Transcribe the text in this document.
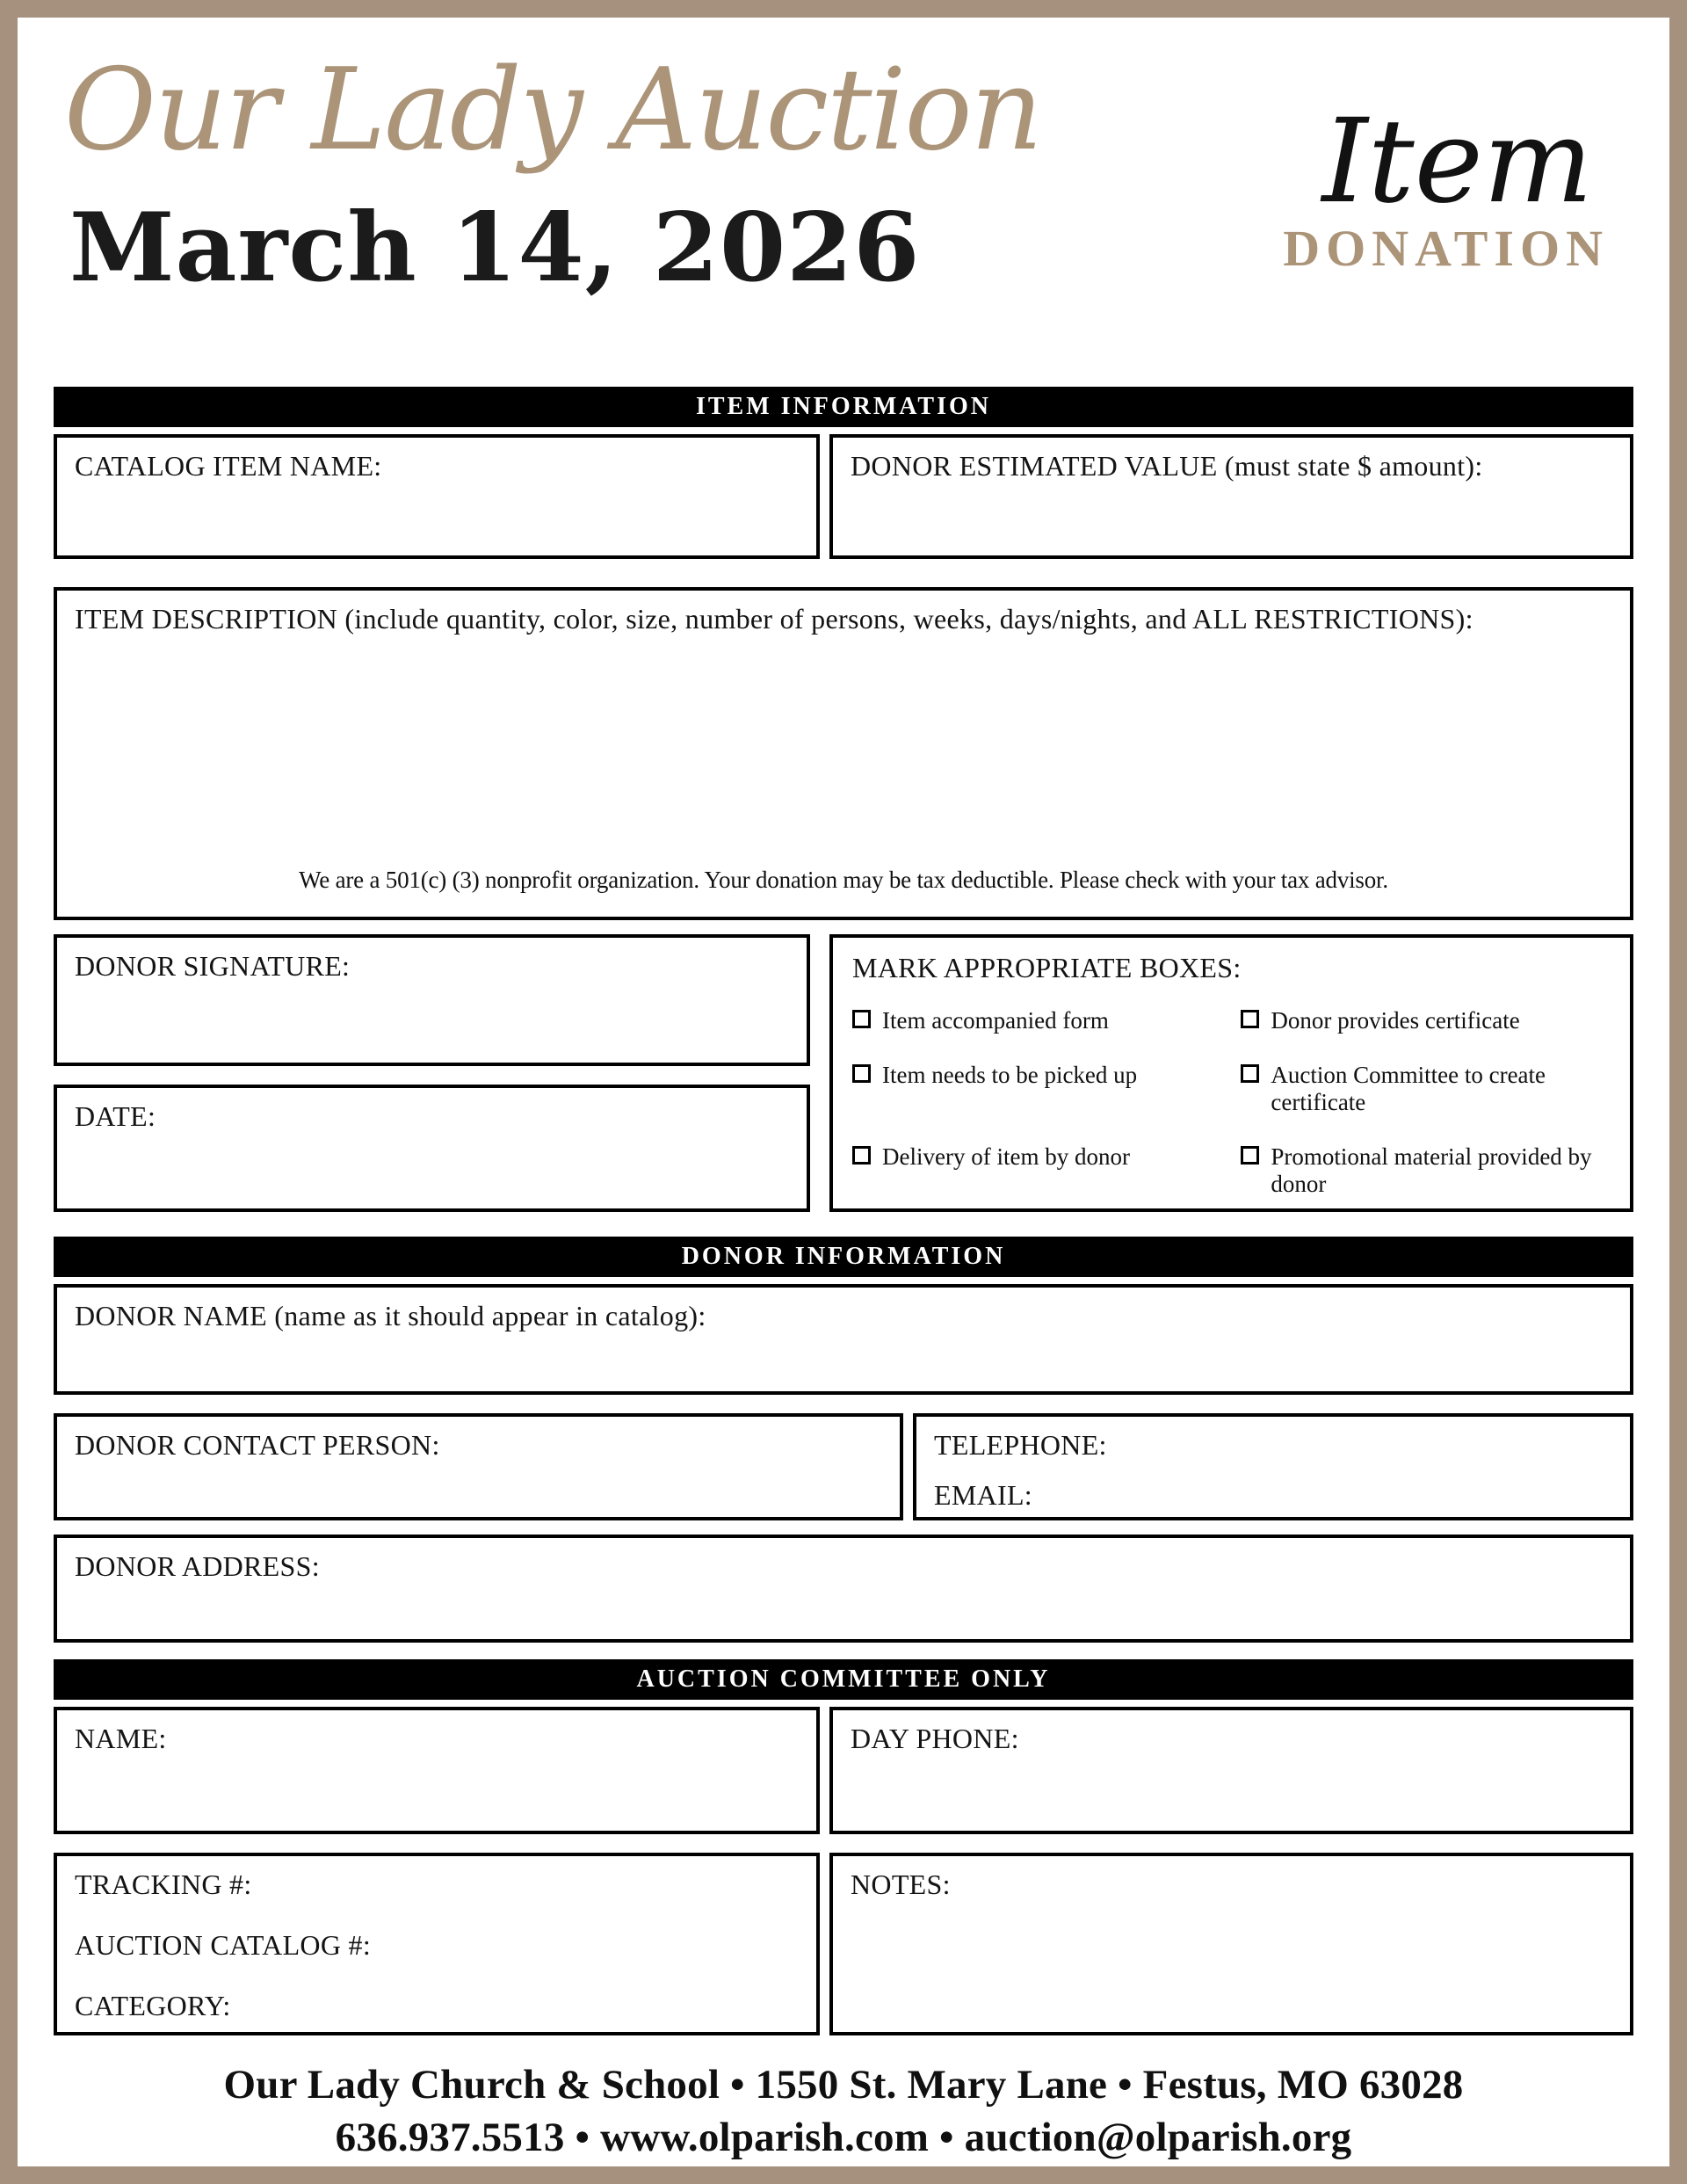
Our Lady Auction
March 14, 2026
Item
DONATION
ITEM INFORMATION
CATALOG ITEM NAME:	DONOR ESTIMATED VALUE (must state $ amount):
ITEM DESCRIPTION (include quantity, color, size, number of persons, weeks, days/nights, and ALL RESTRICTIONS):
We are a 501(c) (3) nonprofit organization. Your donation may be tax deductible. Please check with your tax advisor.
DONOR SIGNATURE:
DATE:
MARK APPROPRIATE BOXES:
Item accompanied form	Donor provides certificate
Item needs to be picked up	Auction Committee to create certificate
Delivery of item by donor	Promotional material provided by donor
DONOR INFORMATION
DONOR NAME (name as it should appear in catalog):
DONOR CONTACT PERSON:	TELEPHONE:
EMAIL:
DONOR ADDRESS:
AUCTION COMMITTEE ONLY
NAME:	DAY PHONE:
TRACKING #:
AUCTION CATALOG #:
CATEGORY:
NOTES:
Our Lady Church & School • 1550 St. Mary Lane • Festus, MO 63028
636.937.5513 • www.olparish.com • auction@olparish.org
